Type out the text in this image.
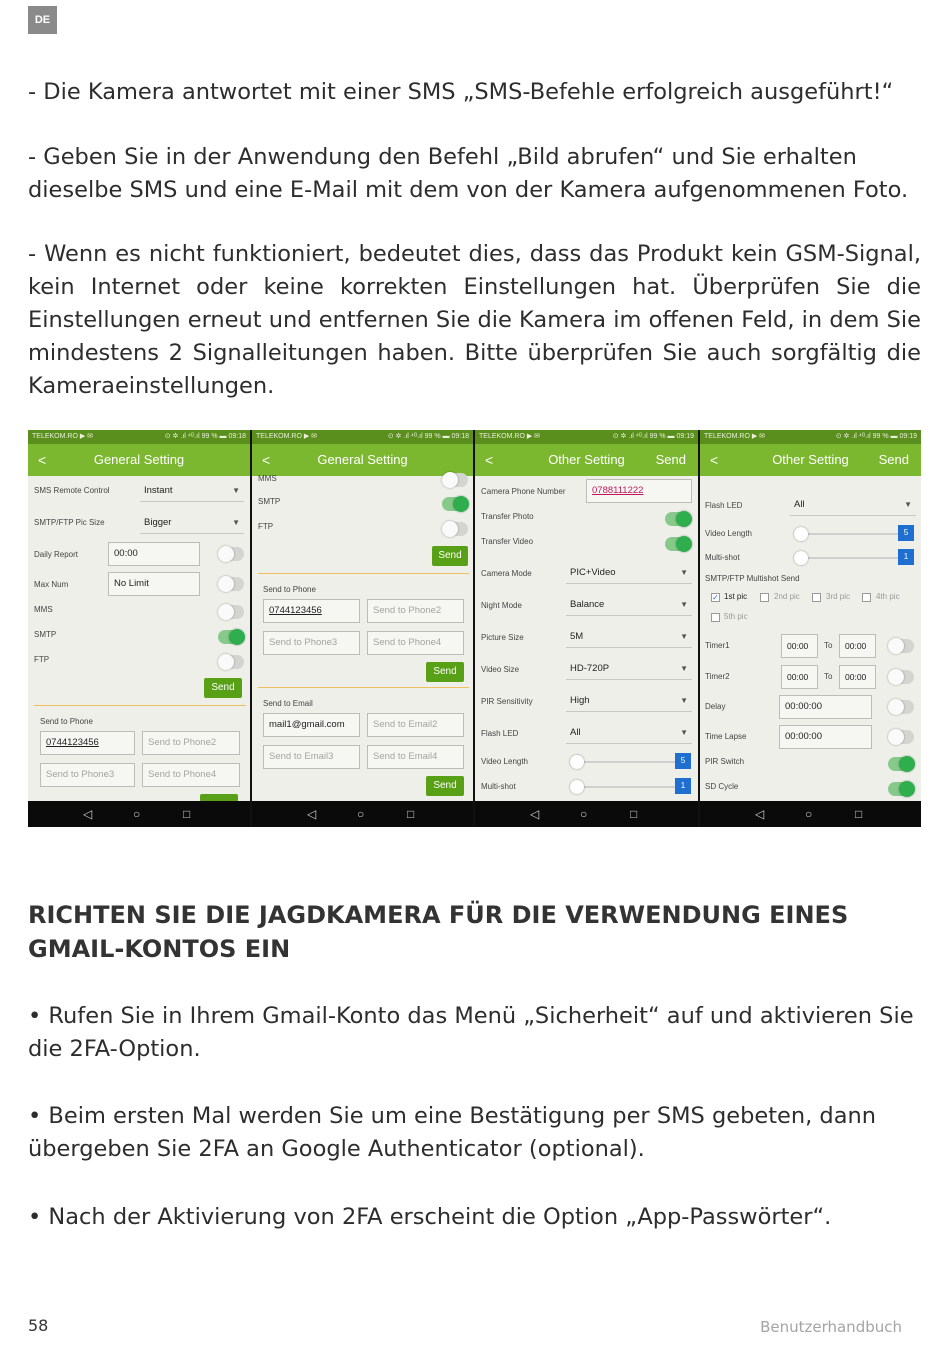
DE

- Die Kamera antwortet mit einer SMS „SMS-Befehle erfolgreich ausgeführt!“

- Geben Sie in der Anwendung den Befehl „Bild abrufen“ und Sie erhalten dieselbe SMS und eine E-Mail mit dem von der Kamera aufgenommenen Foto.

- Wenn es nicht funktioniert, bedeutet dies, dass das Produkt kein GSM-Signal, kein Internet oder keine korrekten Einstellungen hat. Überprüfen Sie die Einstellungen erneut und entfernen Sie die Kamera im offenen Feld, in dem Sie mindestens 2 Signalleitungen haben. Bitte überprüfen Sie auch sorgfältig die Kameraeinstellungen.

TELEKOM.RO ▶ ✉	⊙ ✲ .ıl ⁴ᴳ.ıl 99 % ▬ 09:18
<	General Setting
SMS Remote Control	Instant	▼
SMTP/FTP Pic Size	Bigger	▼
Daily Report	00:00
Max Num	No Limit
MMS
SMTP
FTP
Send
Send to Phone
0744123456	Send to Phone2
Send to Phone3	Send to Phone4
◁	○	□
TELEKOM.RO ▶ ✉	⊙ ✲ .ıl ⁴ᴳ.ıl 99 % ▬ 09:18
<	General Setting
MMS
SMTP
FTP
Send
Send to Phone
0744123456	Send to Phone2
Send to Phone3	Send to Phone4
Send
Send to Email
mail1@gmail.com	Send to Email2
Send to Email3	Send to Email4
Send
◁	○	□
TELEKOM.RO ▶ ✉	⊙ ✲ .ıl ⁴ᴳ.ıl 99 % ▬ 09:19
<	Other Setting	Send
Camera Phone Number	0788111222
Transfer Photo
Transfer Video
Camera Mode	PIC+Video	▼
Night Mode	Balance	▼
Picture Size	5M	▼
Video Size	HD-720P	▼
PIR Sensitivity	High	▼
Flash LED	All	▼
Video Length	5
Multi-shot	1
◁	○	□
TELEKOM.RO ▶ ✉	⊙ ✲ .ıl ⁴ᴳ.ıl 99 % ▬ 09:19
<	Other Setting	Send
Flash LED	All	▼
Video Length	5
Multi-shot	1
SMTP/FTP Multishot Send
✓ 1st pic	2nd pic	3rd pic	4th pic
5th pic
Timer1	00:00	To	00:00
Timer2	00:00	To	00:00
Delay	00:00:00
Time Lapse	00:00:00
PIR Switch
SD Cycle
◁	○	□
RICHTEN SIE DIE JAGDKAMERA FÜR DIE VERWENDUNG EINES GMAIL-KONTOS EIN

• Rufen Sie in Ihrem Gmail-Konto das Menü „Sicherheit“ auf und aktivieren Sie die 2FA-Option.

• Beim ersten Mal werden Sie um eine Bestätigung per SMS gebeten, dann übergeben Sie 2FA an Google Authenticator (optional).

• Nach der Aktivierung von 2FA erscheint die Option „App-Passwörter“.

58	Benutzerhandbuch
